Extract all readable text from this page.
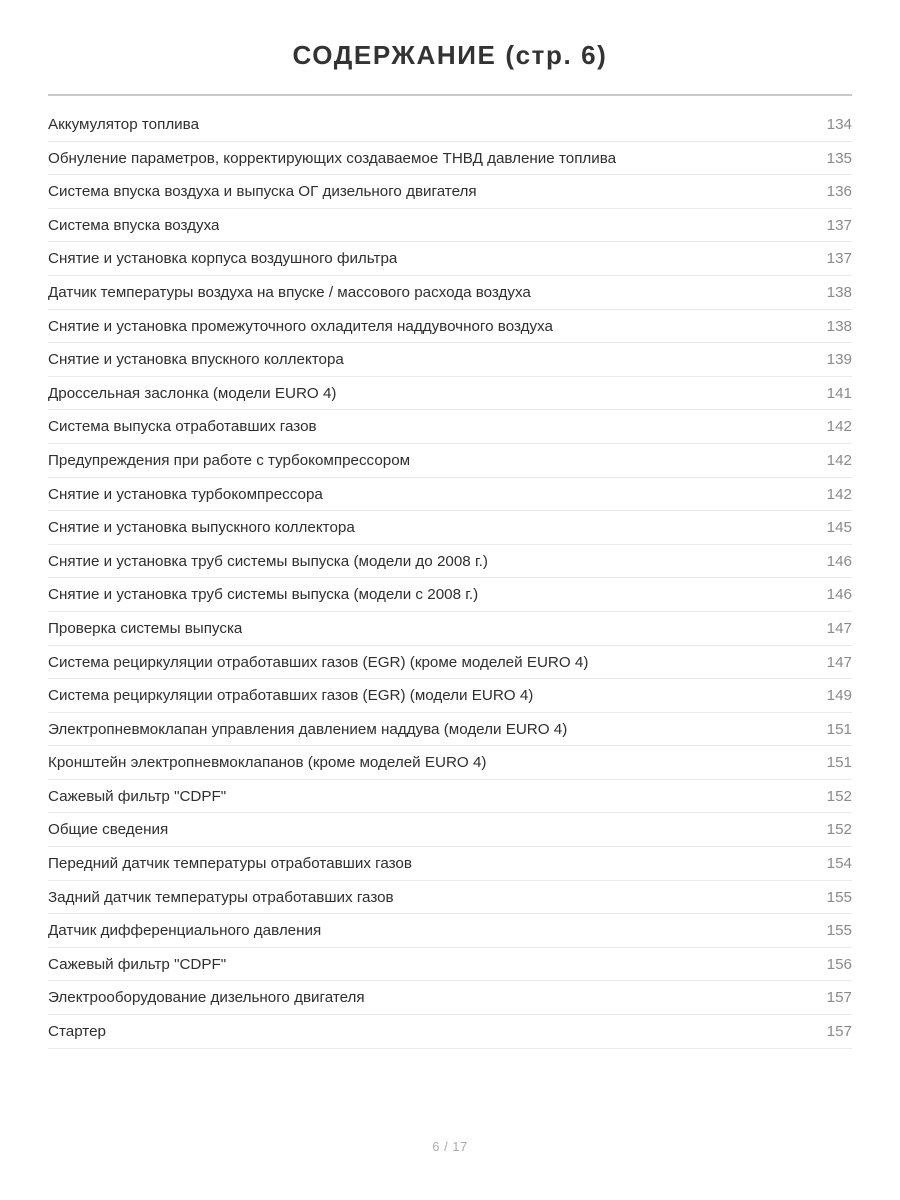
СОДЕРЖАНИЕ (стр. 6)
Аккумулятор топлива	134
Обнуление параметров, корректирующих создаваемое ТНВД давление топлива	135
Система впуска воздуха и выпуска ОГ дизельного двигателя	136
Система впуска воздуха	137
Снятие и установка корпуса воздушного фильтра	137
Датчик температуры воздуха на впуске / массового расхода воздуха	138
Снятие и установка промежуточного охладителя наддувочного воздуха	138
Снятие и установка впускного коллектора	139
Дроссельная заслонка (модели EURO 4)	141
Система выпуска отработавших газов	142
Предупреждения при работе с турбокомпрессором	142
Снятие и установка турбокомпрессора	142
Снятие и установка выпускного коллектора	145
Снятие и установка труб системы выпуска (модели до 2008 г.)	146
Снятие и установка труб системы выпуска (модели с 2008 г.)	146
Проверка системы выпуска	147
Система рециркуляции отработавших газов (EGR) (кроме моделей EURO 4)	147
Система рециркуляции отработавших газов (EGR) (модели EURO 4)	149
Электропневмоклапан управления давлением наддува (модели EURO 4)	151
Кронштейн электропневмоклапанов (кроме моделей EURO 4)	151
Сажевый фильтр "CDPF"	152
Общие сведения	152
Передний датчик температуры отработавших газов	154
Задний датчик температуры отработавших газов	155
Датчик дифференциального давления	155
Сажевый фильтр "CDPF"	156
Электрооборудование дизельного двигателя	157
Стартер	157
6 / 17
